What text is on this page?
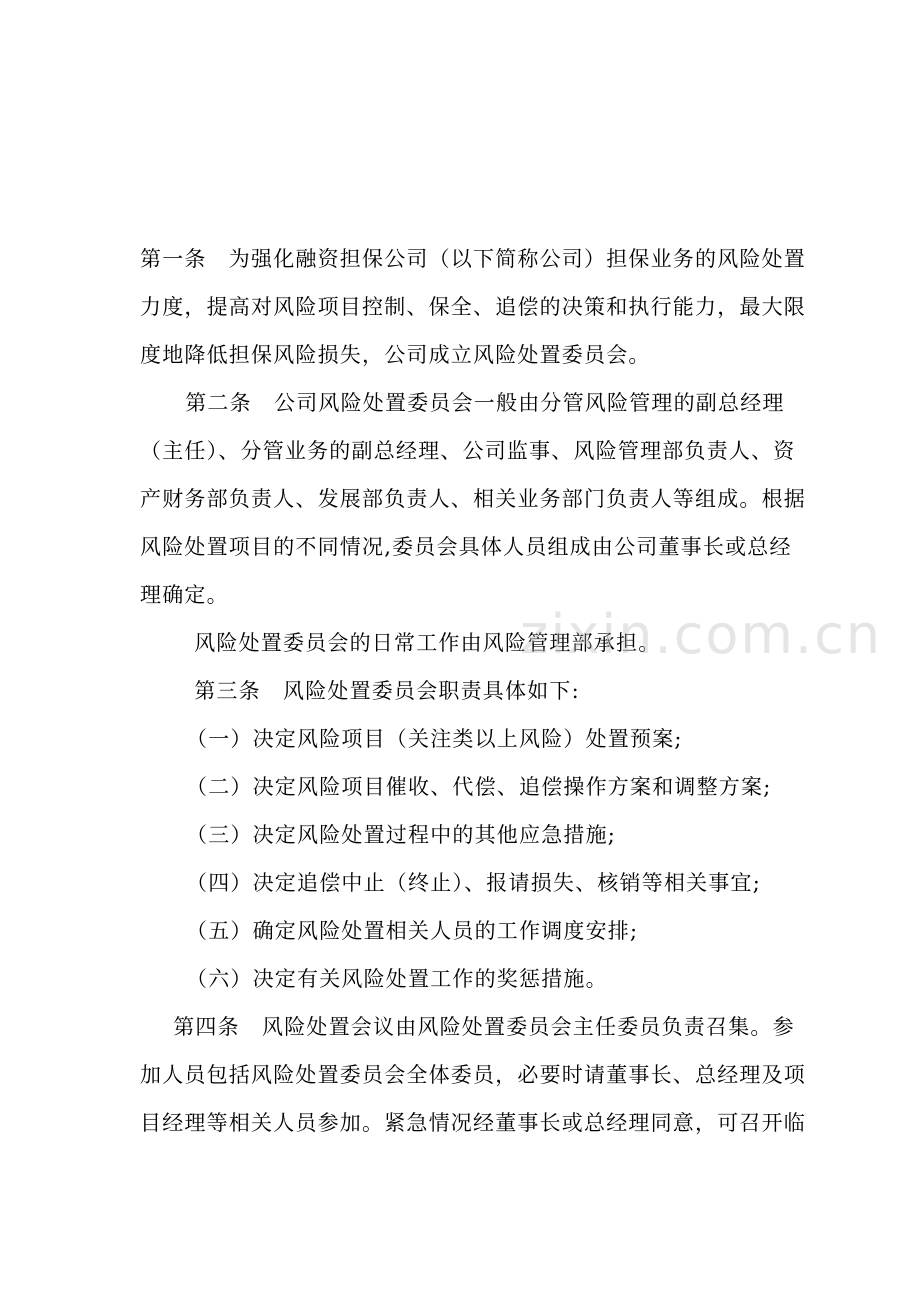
第一条　为强化融资担保公司（以下简称公司）担保业务的风险处置
力度，提高对风险项目控制、保全、追偿的决策和执行能力，最大限
度地降低担保风险损失，公司成立风险处置委员会。
　第二条　公司风险处置委员会一般由分管风险管理的副总经理
（主任）、分管业务的副总经理、公司监事、风险管理部负责人、资
产财务部负责人、发展部负责人、相关业务部门负责人等组成。根据
风险处置项目的不同情况,委员会具体人员组成由公司董事长或总经
理确定。
　风险处置委员会的日常工作由风险管理部承担。
　第三条　风险处置委员会职责具体如下:
（一）决定风险项目（关注类以上风险）处置预案;
（二）决定风险项目催收、代偿、追偿操作方案和调整方案;
（三）决定风险处置过程中的其他应急措施;
（四）决定追偿中止（终止）、报请损失、核销等相关事宜;
（五）确定风险处置相关人员的工作调度安排;
（六）决定有关风险处置工作的奖惩措施。
　第四条　风险处置会议由风险处置委员会主任委员负责召集。参
加人员包括风险处置委员会全体委员，必要时请董事长、总经理及项
目经理等相关人员参加。紧急情况经董事长或总经理同意，可召开临
zixin.com.cn
